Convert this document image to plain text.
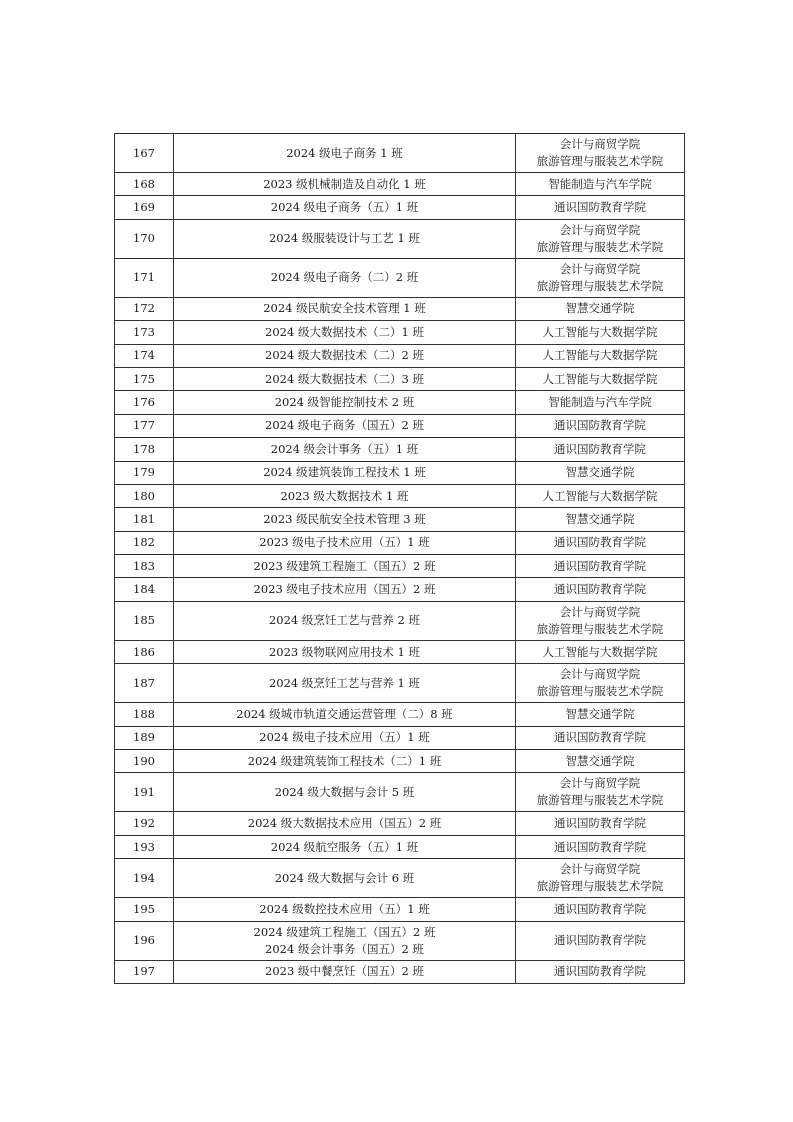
167	2024 级电子商务 1 班	会计与商贸学院
旅游管理与服装艺术学院

168	2023 级机械制造及自动化 1 班	智能制造与汽车学院

169	2024 级电子商务（五）1 班	通识国防教育学院

170	2024 级服装设计与工艺 1 班	会计与商贸学院
旅游管理与服装艺术学院

171	2024 级电子商务（二）2 班	会计与商贸学院
旅游管理与服装艺术学院

172	2024 级民航安全技术管理 1 班	智慧交通学院

173	2024 级大数据技术（二）1 班	人工智能与大数据学院

174	2024 级大数据技术（二）2 班	人工智能与大数据学院

175	2024 级大数据技术（二）3 班	人工智能与大数据学院

176	2024 级智能控制技术 2 班	智能制造与汽车学院

177	2024 级电子商务（国五）2 班	通识国防教育学院

178	2024 级会计事务（五）1 班	通识国防教育学院

179	2024 级建筑装饰工程技术 1 班	智慧交通学院

180	2023 级大数据技术 1 班	人工智能与大数据学院

181	2023 级民航安全技术管理 3 班	智慧交通学院

182	2023 级电子技术应用（五）1 班	通识国防教育学院

183	2023 级建筑工程施工（国五）2 班	通识国防教育学院

184	2023 级电子技术应用（国五）2 班	通识国防教育学院

185	2024 级烹饪工艺与营养 2 班	会计与商贸学院
旅游管理与服装艺术学院

186	2023 级物联网应用技术 1 班	人工智能与大数据学院

187	2024 级烹饪工艺与营养 1 班	会计与商贸学院
旅游管理与服装艺术学院

188	2024 级城市轨道交通运营管理（二）8 班	智慧交通学院

189	2024 级电子技术应用（五）1 班	通识国防教育学院

190	2024 级建筑装饰工程技术（二）1 班	智慧交通学院

191	2024 级大数据与会计 5 班	会计与商贸学院
旅游管理与服装艺术学院

192	2024 级大数据技术应用（国五）2 班	通识国防教育学院

193	2024 级航空服务（五）1 班	通识国防教育学院

194	2024 级大数据与会计 6 班	会计与商贸学院
旅游管理与服装艺术学院

195	2024 级数控技术应用（五）1 班	通识国防教育学院

196	2024 级建筑工程施工（国五）2 班
2024 级会计事务（国五）2 班	通识国防教育学院

197	2023 级中餐烹饪（国五）2 班	通识国防教育学院
